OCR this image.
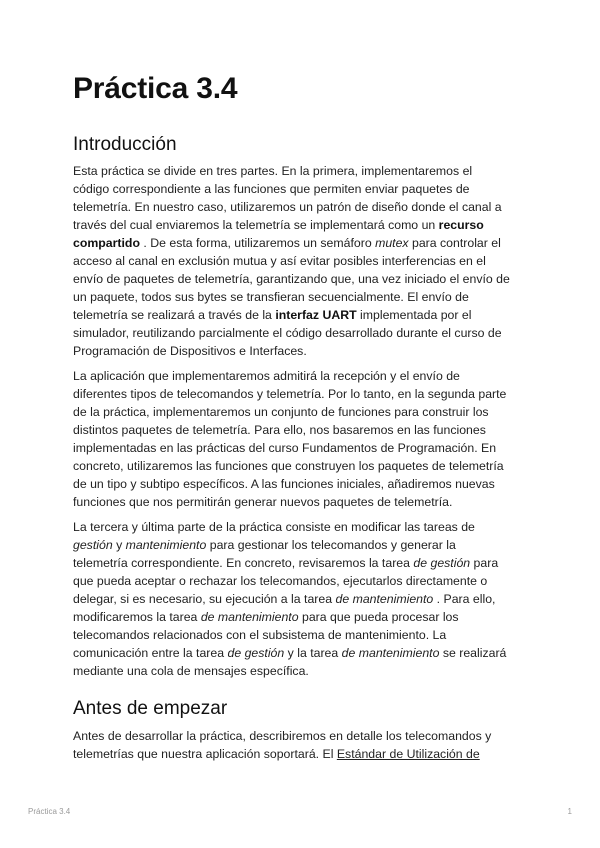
Práctica 3.4
Introducción

Esta práctica se divide en tres partes. En la primera, implementaremos el
código correspondiente a las funciones que permiten enviar paquetes de
telemetría. En nuestro caso, utilizaremos un patrón de diseño donde el canal a
través del cual enviaremos la telemetría se implementará como un recurso
compartido . De esta forma, utilizaremos un semáforo mutex para controlar el
acceso al canal en exclusión mutua y así evitar posibles interferencias en el
envío de paquetes de telemetría, garantizando que, una vez iniciado el envío de
un paquete, todos sus bytes se transfieran secuencialmente. El envío de
telemetría se realizará a través de la interfaz UART implementada por el
simulador, reutilizando parcialmente el código desarrollado durante el curso de
Programación de Dispositivos e Interfaces.

La aplicación que implementaremos admitirá la recepción y el envío de
diferentes tipos de telecomandos y telemetría. Por lo tanto, en la segunda parte
de la práctica, implementaremos un conjunto de funciones para construir los
distintos paquetes de telemetría. Para ello, nos basaremos en las funciones
implementadas en las prácticas del curso Fundamentos de Programación. En
concreto, utilizaremos las funciones que construyen los paquetes de telemetría
de un tipo y subtipo específicos. A las funciones iniciales, añadiremos nuevas
funciones que nos permitirán generar nuevos paquetes de telemetría.

La tercera y última parte de la práctica consiste en modificar las tareas de
gestión y mantenimiento para gestionar los telecomandos y generar la
telemetría correspondiente. En concreto, revisaremos la tarea de gestión para
que pueda aceptar o rechazar los telecomandos, ejecutarlos directamente o
delegar, si es necesario, su ejecución a la tarea de mantenimiento . Para ello,
modificaremos la tarea de mantenimiento para que pueda procesar los
telecomandos relacionados con el subsistema de mantenimiento. La
comunicación entre la tarea de gestión y la tarea de mantenimiento se realizará
mediante una cola de mensajes específica.

Antes de empezar

Antes de desarrollar la práctica, describiremos en detalle los telecomandos y
telemetrías que nuestra aplicación soportará. El Estándar de Utilización de

Práctica 3.4	1
